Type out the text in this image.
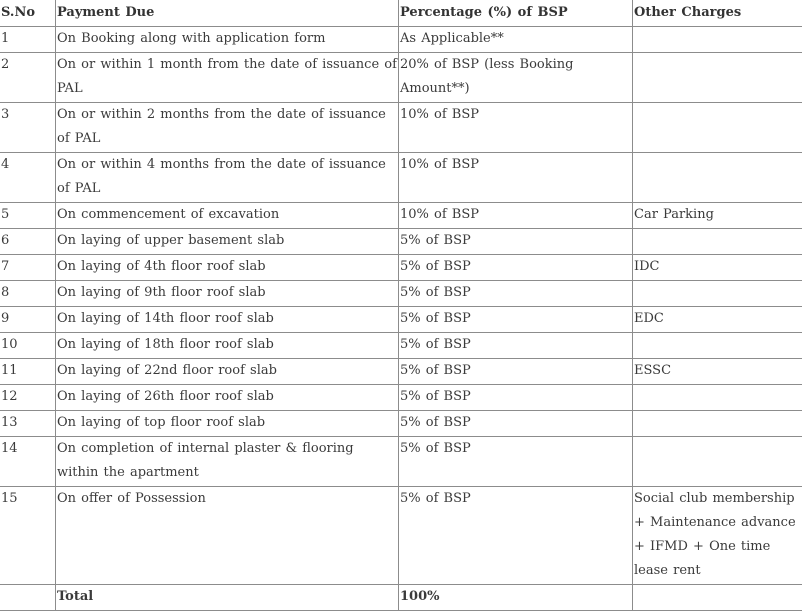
S.No	Payment Due	Percentage (%) of BSP	Other Charges
1	On Booking along with application form	As Applicable**	
2	On or within 1 month from the date of issuance of PAL	20% of BSP (less Booking Amount**)	
3	On or within 2 months from the date of issuance of PAL	10% of BSP	
4	On or within 4 months from the date of issuance of PAL	10% of BSP	
5	On commencement of excavation	10% of BSP	Car Parking
6	On laying of upper basement slab	5% of BSP	
7	On laying of 4th floor roof slab	5% of BSP	IDC
8	On laying of 9th floor roof slab	5% of BSP	
9	On laying of 14th floor roof slab	5% of BSP	EDC
10	On laying of 18th floor roof slab	5% of BSP	
11	On laying of 22nd floor roof slab	5% of BSP	ESSC
12	On laying of 26th floor roof slab	5% of BSP	
13	On laying of top floor roof slab	5% of BSP	
14	On completion of internal plaster & flooring within the apartment	5% of BSP	
15	On offer of Possession	5% of BSP	Social club membership + Maintenance advance + IFMD + One time lease rent
	Total	100%	
